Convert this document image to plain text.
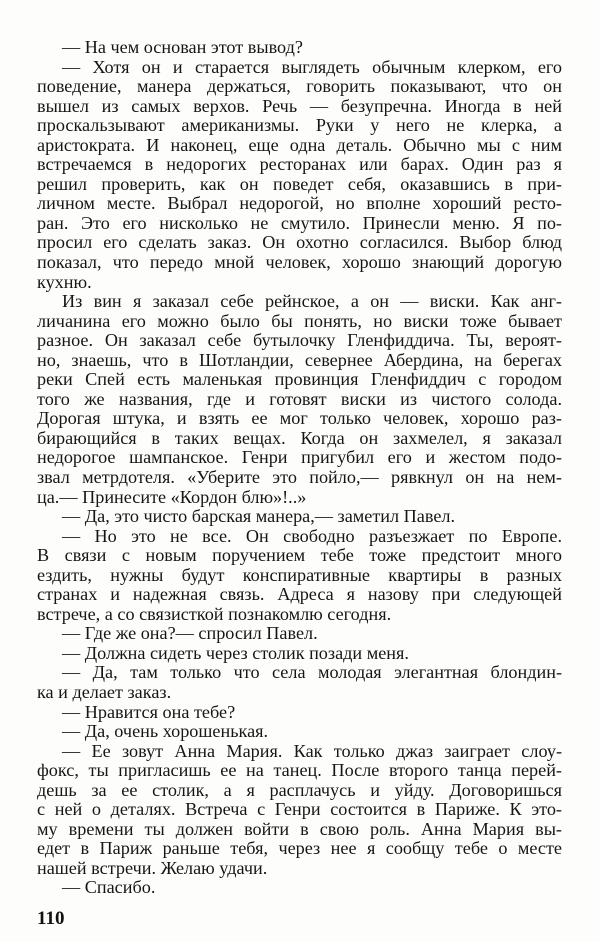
— На чем основан этот вывод?
— Хотя он и старается выглядеть обычным клерком, его
поведение, манера держаться, говорить показывают, что он
вышел из самых верхов. Речь — безупречна. Иногда в ней
проскальзывают американизмы. Руки у него не клерка, а
аристократа. И наконец, еще одна деталь. Обычно мы с ним
встречаемся в недорогих ресторанах или барах. Один раз я
решил проверить, как он поведет себя, оказавшись в при-
личном месте. Выбрал недорогой, но вполне хороший ресто-
ран. Это его нисколько не смутило. Принесли меню. Я по-
просил его сделать заказ. Он охотно согласился. Выбор блюд
показал, что передо мной человек, хорошо знающий дорогую
кухню.
Из вин я заказал себе рейнское, а он — виски. Как анг-
личанина его можно было бы понять, но виски тоже бывает
разное. Он заказал себе бутылочку Гленфиддича. Ты, вероят-
но, знаешь, что в Шотландии, севернее Абердина, на берегах
реки Спей есть маленькая провинция Гленфиддич с городом
того же названия, где и готовят виски из чистого солода.
Дорогая штука, и взять ее мог только человек, хорошо раз-
бирающийся в таких вещах. Когда он захмелел, я заказал
недорогое шампанское. Генри пригубил его и жестом подо-
звал метрдотеля. «Уберите это пойло,— рявкнул он на нем-
ца.— Принесите «Кордон блю»!..»
— Да, это чисто барская манера,— заметил Павел.
— Но это не все. Он свободно разъезжает по Европе.
В связи с новым поручением тебе тоже предстоит много
ездить, нужны будут конспиративные квартиры в разных
странах и надежная связь. Адреса я назову при следующей
встрече, а со связисткой познакомлю сегодня.
— Где же она?— спросил Павел.
— Должна сидеть через столик позади меня.
— Да, там только что села молодая элегантная блондин-
ка и делает заказ.
— Нравится она тебе?
— Да, очень хорошенькая.
— Ее зовут Анна Мария. Как только джаз заиграет слоу-
фокс, ты пригласишь ее на танец. После второго танца перей-
дешь за ее столик, а я расплачусь и уйду. Договоришься
с ней о деталях. Встреча с Генри состоится в Париже. К это-
му времени ты должен войти в свою роль. Анна Мария вы-
едет в Париж раньше тебя, через нее я сообщу тебе о месте
нашей встречи. Желаю удачи.
— Спасибо.
110
